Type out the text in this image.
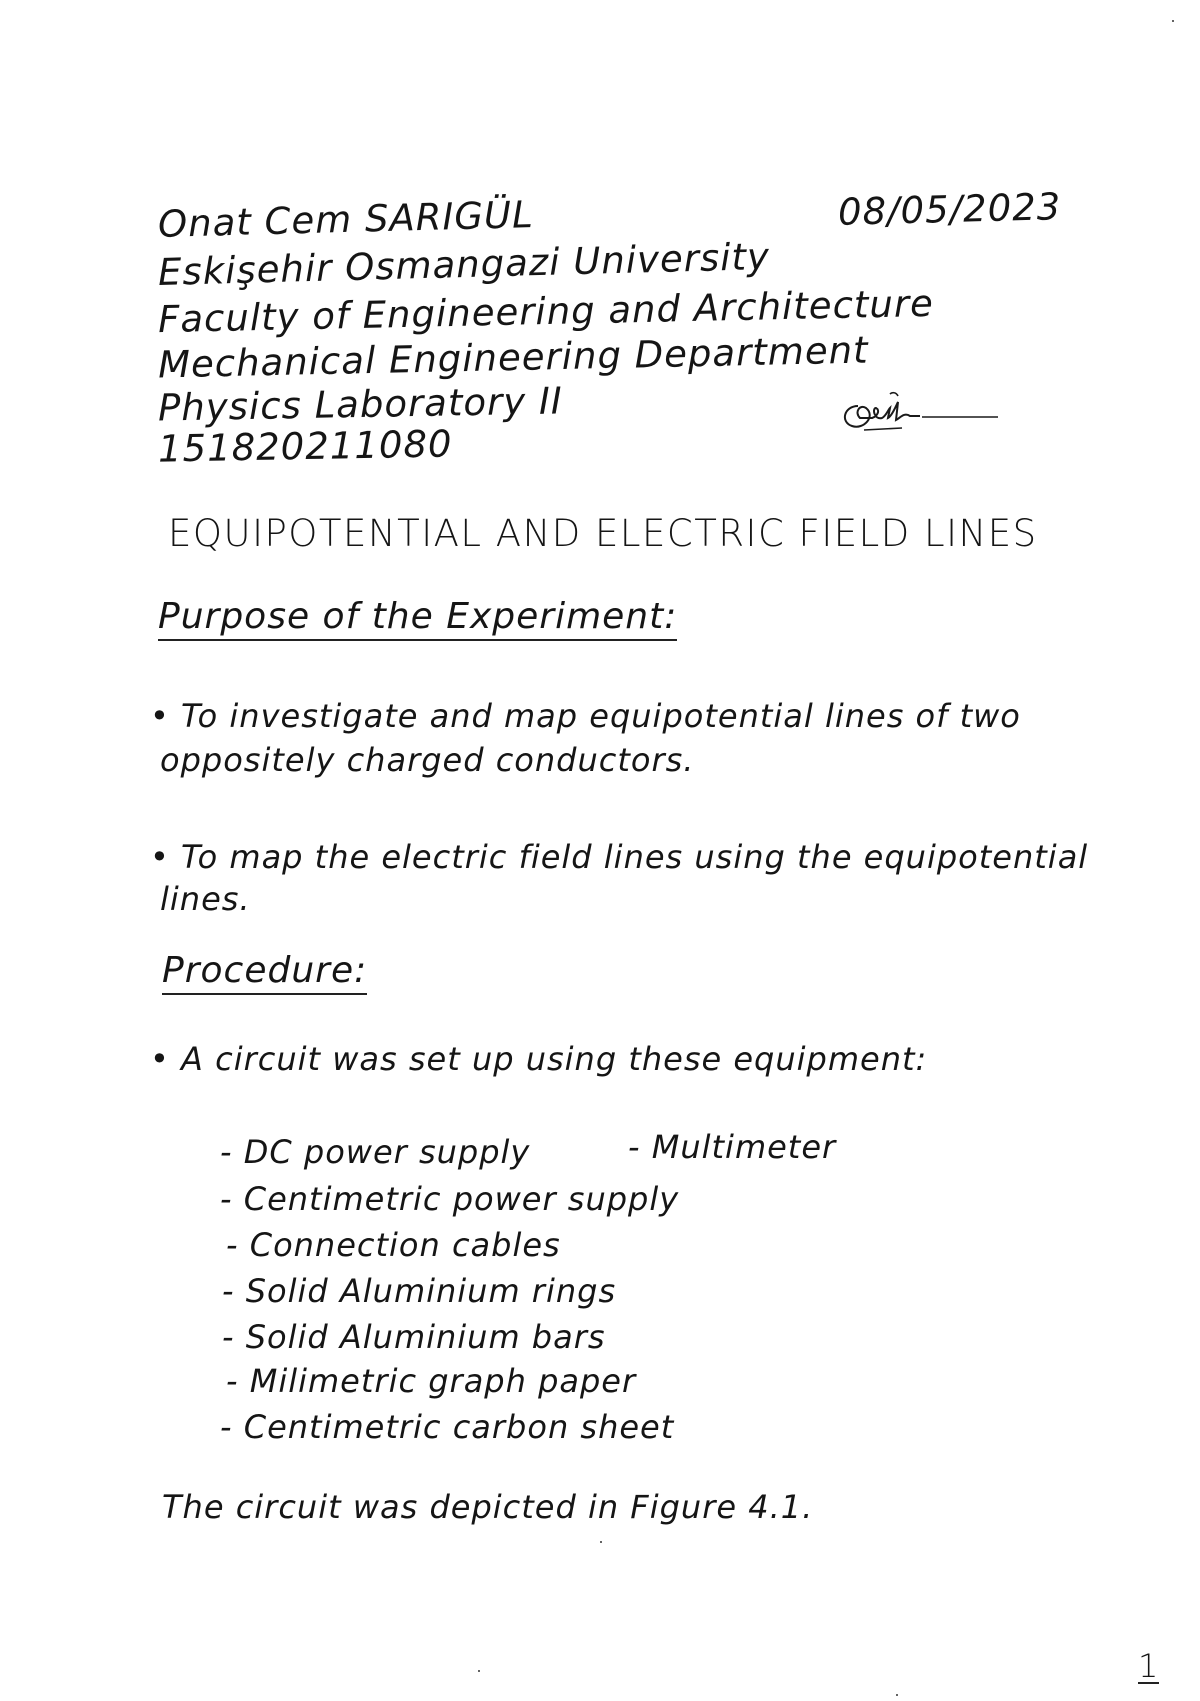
Onat Cem SARIGÜL	08/05/2023
Eskişehir Osmangazi University
Faculty of Engineering and Architecture
Mechanical Engineering Department
Physics Laboratory II
151820211080
EQUIPOTENTIAL AND ELECTRIC FIELD LINES
Purpose of the Experiment:
• To investigate and map equipotential lines of two
oppositely charged conductors.
• To map the electric field lines using the equipotential
lines.
Procedure:
• A circuit was set up using these equipment:
- DC power supply	- Multimeter
- Centimetric power supply
- Connection cables
- Solid Aluminium rings
- Solid Aluminium bars
- Milimetric graph paper
- Centimetric carbon sheet
The circuit was depicted in Figure 4.1.
1
